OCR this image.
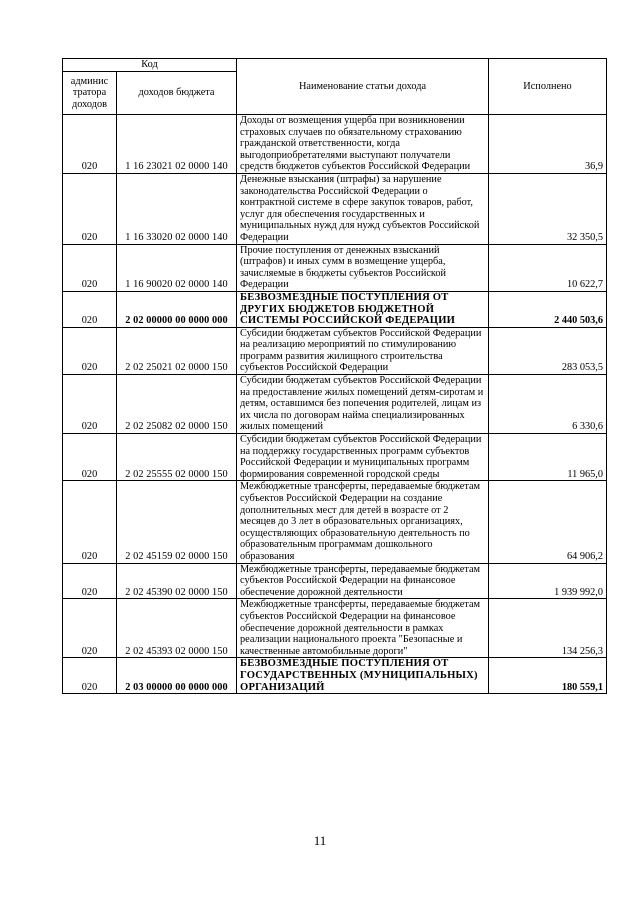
Код		Наименование статьи дохода	Исполнено
админис тратора доходов	доходов бюджета		
020	1 16 23021 02 0000 140	Доходы от возмещения ущерба при возникновении страховых случаев по обязательному страхованию гражданской ответственности, когда выгодоприобретателями выступают получатели средств бюджетов субъектов Российской Федерации	36,9
020	1 16 33020 02 0000 140	Денежные взыскания (штрафы) за нарушение законодательства Российской Федерации о контрактной системе в сфере закупок товаров, работ, услуг для обеспечения государственных и муниципальных нужд для нужд субъектов Российской Федерации	32 350,5
020	1 16 90020 02 0000 140	Прочие поступления от денежных взысканий (штрафов) и иных сумм в возмещение ущерба, зачисляемые в бюджеты субъектов Российской Федерации	10 622,7
020	2 02 00000 00 0000 000	БЕЗВОЗМЕЗДНЫЕ ПОСТУПЛЕНИЯ ОТ ДРУГИХ БЮДЖЕТОВ БЮДЖЕТНОЙ СИСТЕМЫ РОССИЙСКОЙ ФЕДЕРАЦИИ	2 440 503,6
020	2 02 25021 02 0000 150	Субсидии бюджетам субъектов Российской Федерации на реализацию мероприятий по стимулированию программ развития жилищного строительства субъектов Российской Федерации	283 053,5
020	2 02 25082 02 0000 150	Субсидии бюджетам субъектов Российской Федерации на предоставление жилых помещений детям-сиротам и детям, оставшимся без попечения родителей, лицам из их числа по договорам найма специализированных жилых помещений	6 330,6
020	2 02 25555 02 0000 150	Субсидии бюджетам субъектов Российской Федерации на поддержку государственных программ субъектов Российской Федерации и муниципальных программ формирования современной городской среды	11 965,0
020	2 02 45159 02 0000 150	Межбюджетные трансферты, передаваемые бюджетам субъектов Российской Федерации на создание дополнительных мест для детей в возрасте от 2 месяцев до 3 лет в образовательных организациях, осуществляющих образовательную деятельность по образовательным программам дошкольного образования	64 906,2
020	2 02 45390 02 0000 150	Межбюджетные трансферты, передаваемые бюджетам субъектов Российской Федерации на финансовое обеспечение дорожной деятельности	1 939 992,0
020	2 02 45393 02 0000 150	Межбюджетные трансферты, передаваемые бюджетам субъектов Российской Федерации на финансовое обеспечение дорожной деятельности в рамках реализации национального проекта "Безопасные и качественные автомобильные дороги"	134 256,3
020	2 03 00000 00 0000 000	БЕЗВОЗМЕЗДНЫЕ ПОСТУПЛЕНИЯ ОТ ГОСУДАРСТВЕННЫХ (МУНИЦИПАЛЬНЫХ) ОРГАНИЗАЦИЙ	180 559,1
11
